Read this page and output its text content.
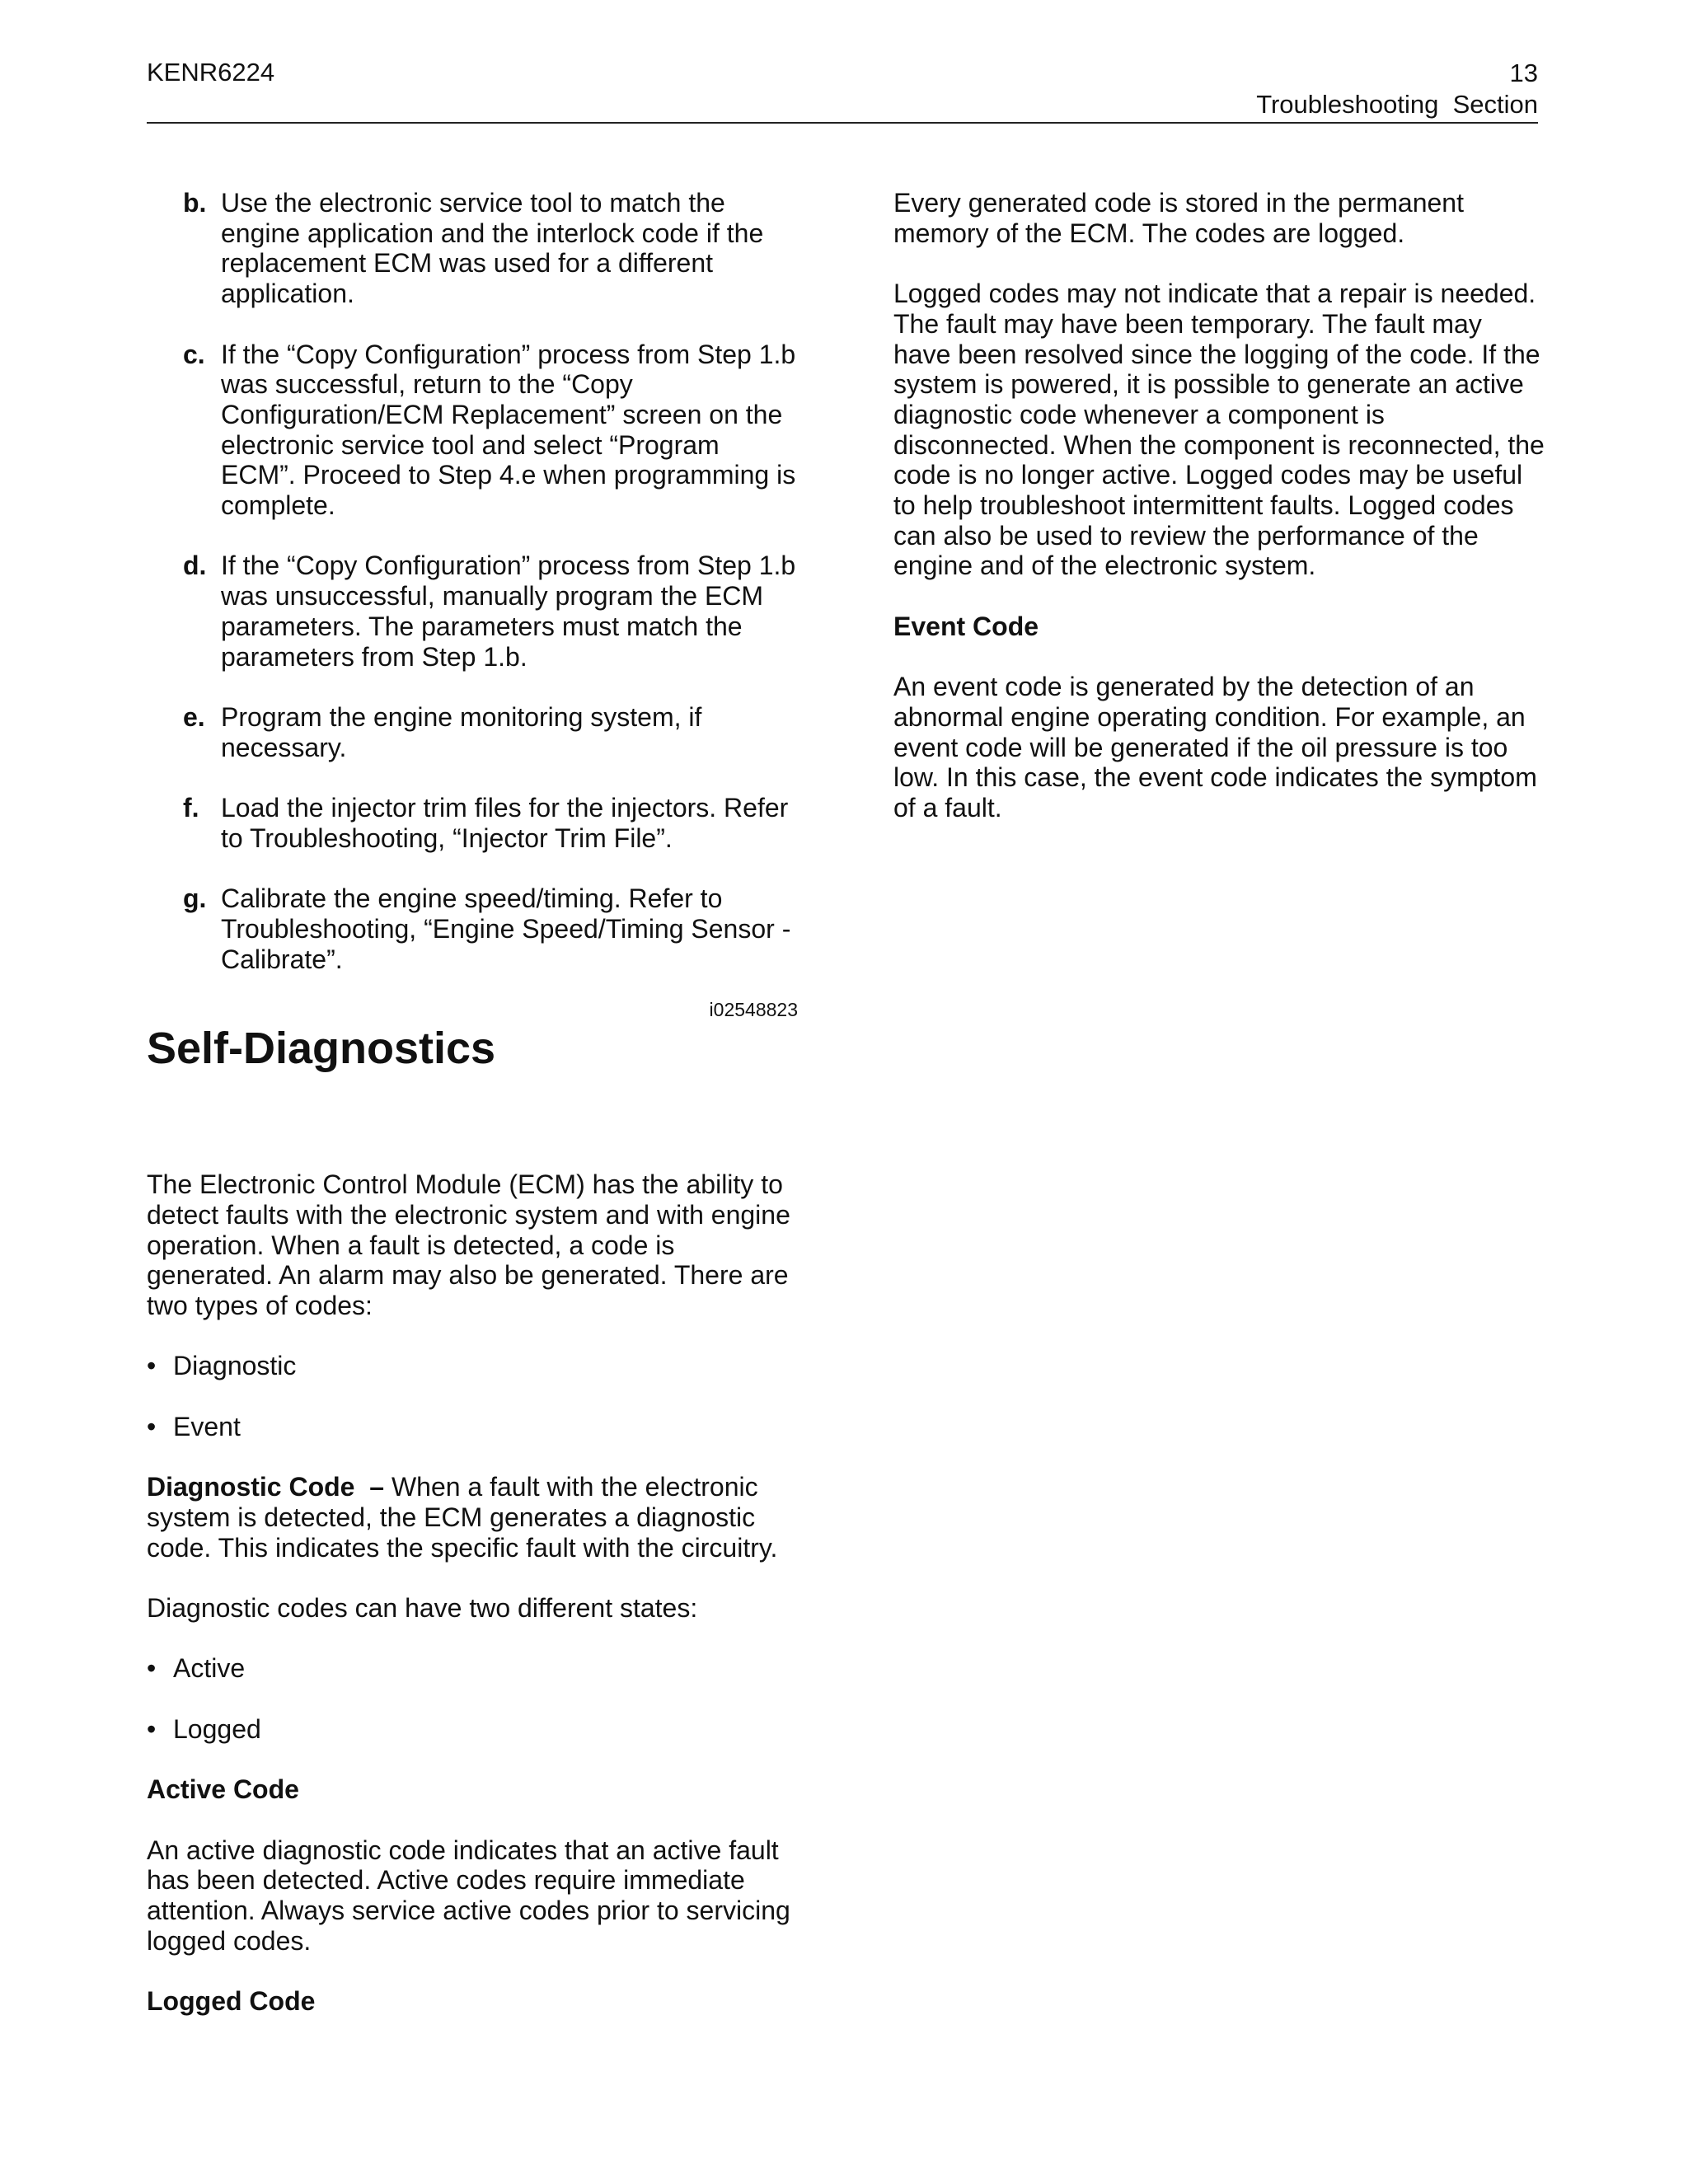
KENR6224	13
Troubleshooting  Section
b. Use the electronic service tool to match the engine application and the interlock code if the replacement ECM was used for a different application.
c. If the “Copy Configuration” process from Step 1.b was successful, return to the “Copy Configuration/ECM Replacement” screen on the electronic service tool and select “Program ECM”. Proceed to Step 4.e when programming is complete.
d. If the “Copy Configuration” process from Step 1.b was unsuccessful, manually program the ECM parameters. The parameters must match the parameters from Step 1.b.
e. Program the engine monitoring system, if necessary.
f. Load the injector trim files for the injectors. Refer to Troubleshooting, “Injector Trim File”.
g. Calibrate the engine speed/timing. Refer to Troubleshooting, “Engine Speed/Timing Sensor - Calibrate”.
i02548823
Self-Diagnostics

The Electronic Control Module (ECM) has the ability to detect faults with the electronic system and with engine operation. When a fault is detected, a code is generated. An alarm may also be generated. There are two types of codes:

• Diagnostic
• Event

Diagnostic Code  – When a fault with the electronic system is detected, the ECM generates a diagnostic code. This indicates the specific fault with the circuitry.

Diagnostic codes can have two different states:

• Active
• Logged
Active Code

An active diagnostic code indicates that an active fault has been detected. Active codes require immediate attention. Always service active codes prior to servicing logged codes.

Logged Code

Every generated code is stored in the permanent memory of the ECM. The codes are logged.

Logged codes may not indicate that a repair is needed. The fault may have been temporary. The fault may have been resolved since the logging of the code. If the system is powered, it is possible to generate an active diagnostic code whenever a component is disconnected. When the component is reconnected, the code is no longer active. Logged codes may be useful to help troubleshoot intermittent faults. Logged codes can also be used to review the performance of the engine and of the electronic system.

Event Code

An event code is generated by the detection of an abnormal engine operating condition. For example, an event code will be generated if the oil pressure is too low. In this case, the event code indicates the symptom of a fault.
